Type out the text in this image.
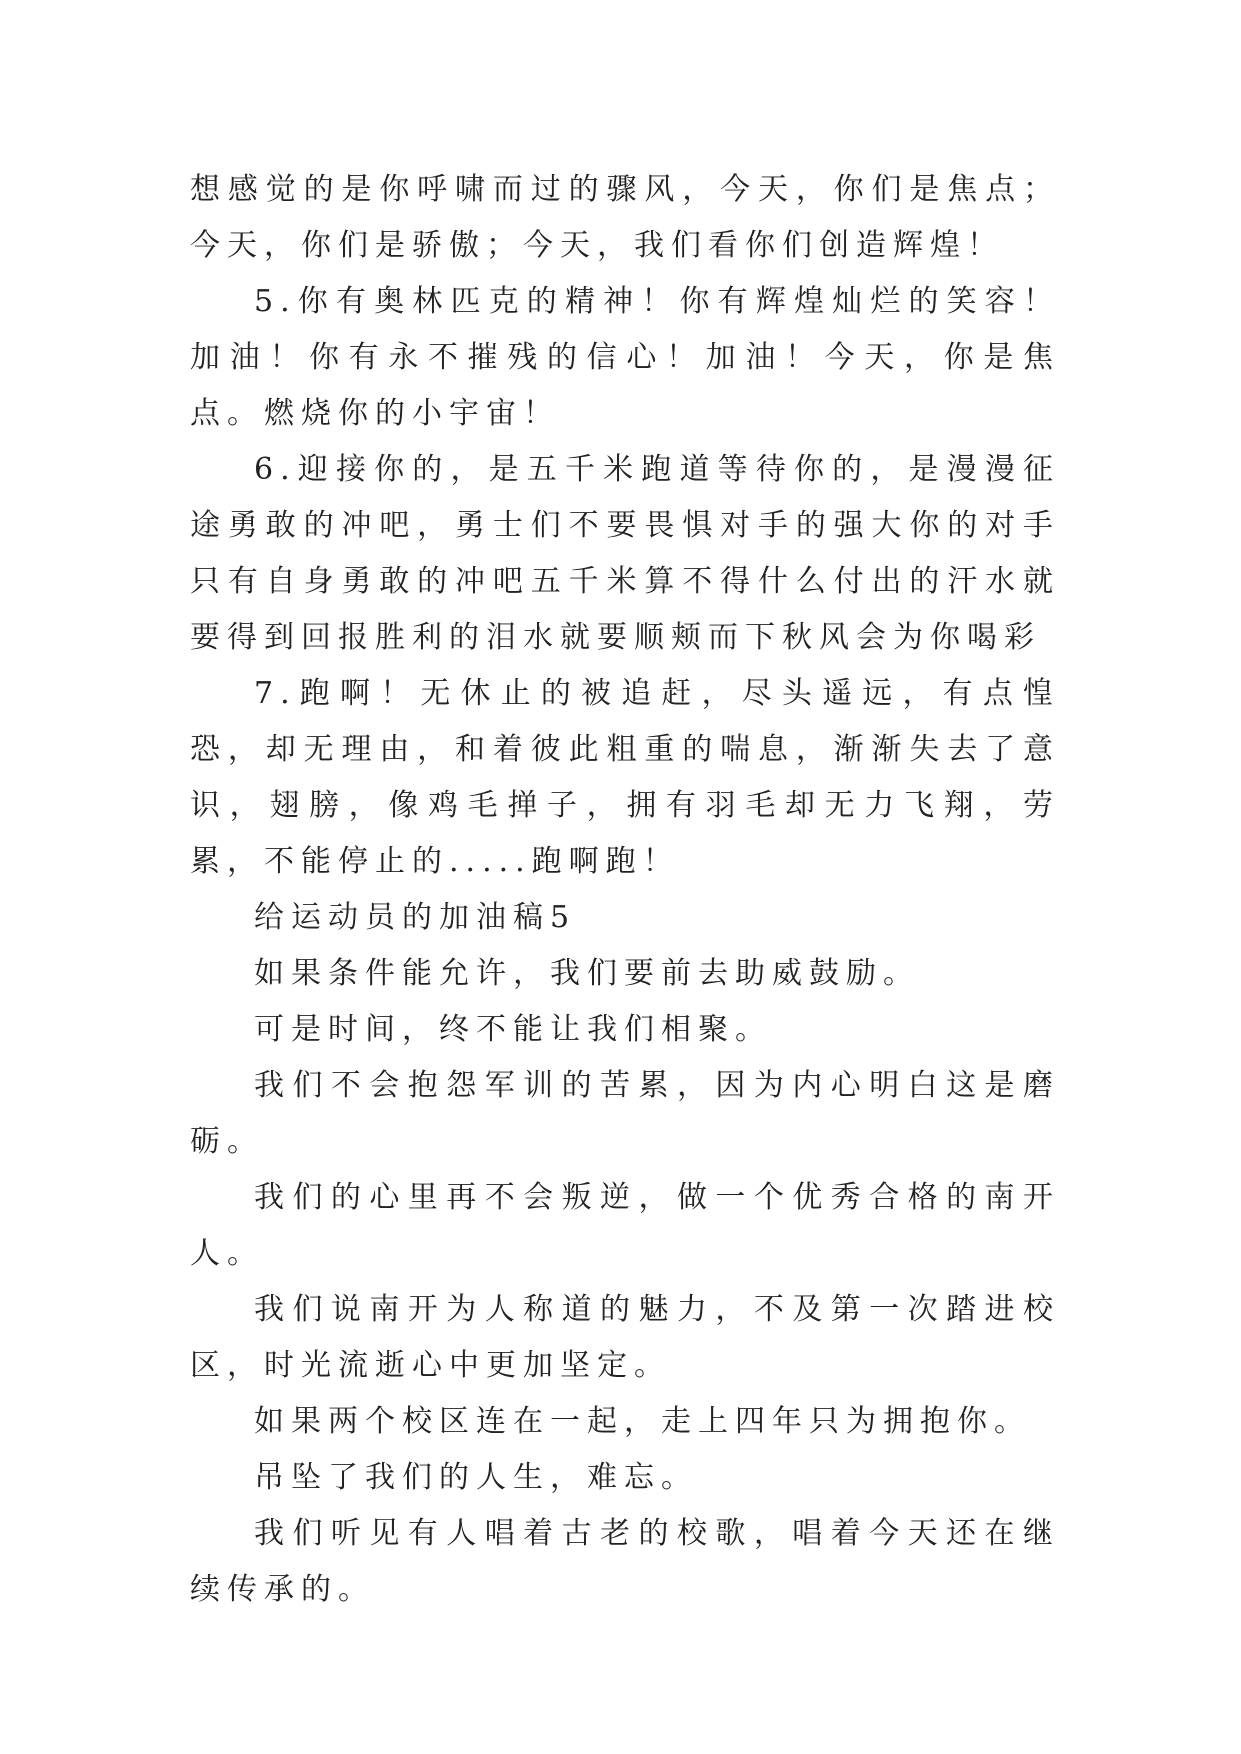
想感觉的是你呼啸而过的骤风，今天，你们是焦点；今天，你们是骄傲；今天，我们看你们创造辉煌！

5.你有奥林匹克的精神！你有辉煌灿烂的笑容！加油！你有永不摧残的信心！加油！今天，你是焦点。燃烧你的小宇宙！

6.迎接你的，是五千米跑道等待你的，是漫漫征途勇敢的冲吧，勇士们不要畏惧对手的强大你的对手只有自身勇敢的冲吧五千米算不得什么付出的汗水就要得到回报胜利的泪水就要顺颊而下秋风会为你喝彩

7.跑啊！无休止的被追赶，尽头遥远，有点惶恐，却无理由，和着彼此粗重的喘息，渐渐失去了意识，翅膀，像鸡毛掸子，拥有羽毛却无力飞翔，劳累，不能停止的.....跑啊跑！

给运动员的加油稿5

如果条件能允许，我们要前去助威鼓励。

可是时间，终不能让我们相聚。

我们不会抱怨军训的苦累，因为内心明白这是磨砺。

我们的心里再不会叛逆，做一个优秀合格的南开人。

我们说南开为人称道的魅力，不及第一次踏进校区，时光流逝心中更加坚定。

如果两个校区连在一起，走上四年只为拥抱你。

吊坠了我们的人生，难忘。

我们听见有人唱着古老的校歌，唱着今天还在继续传承的。
